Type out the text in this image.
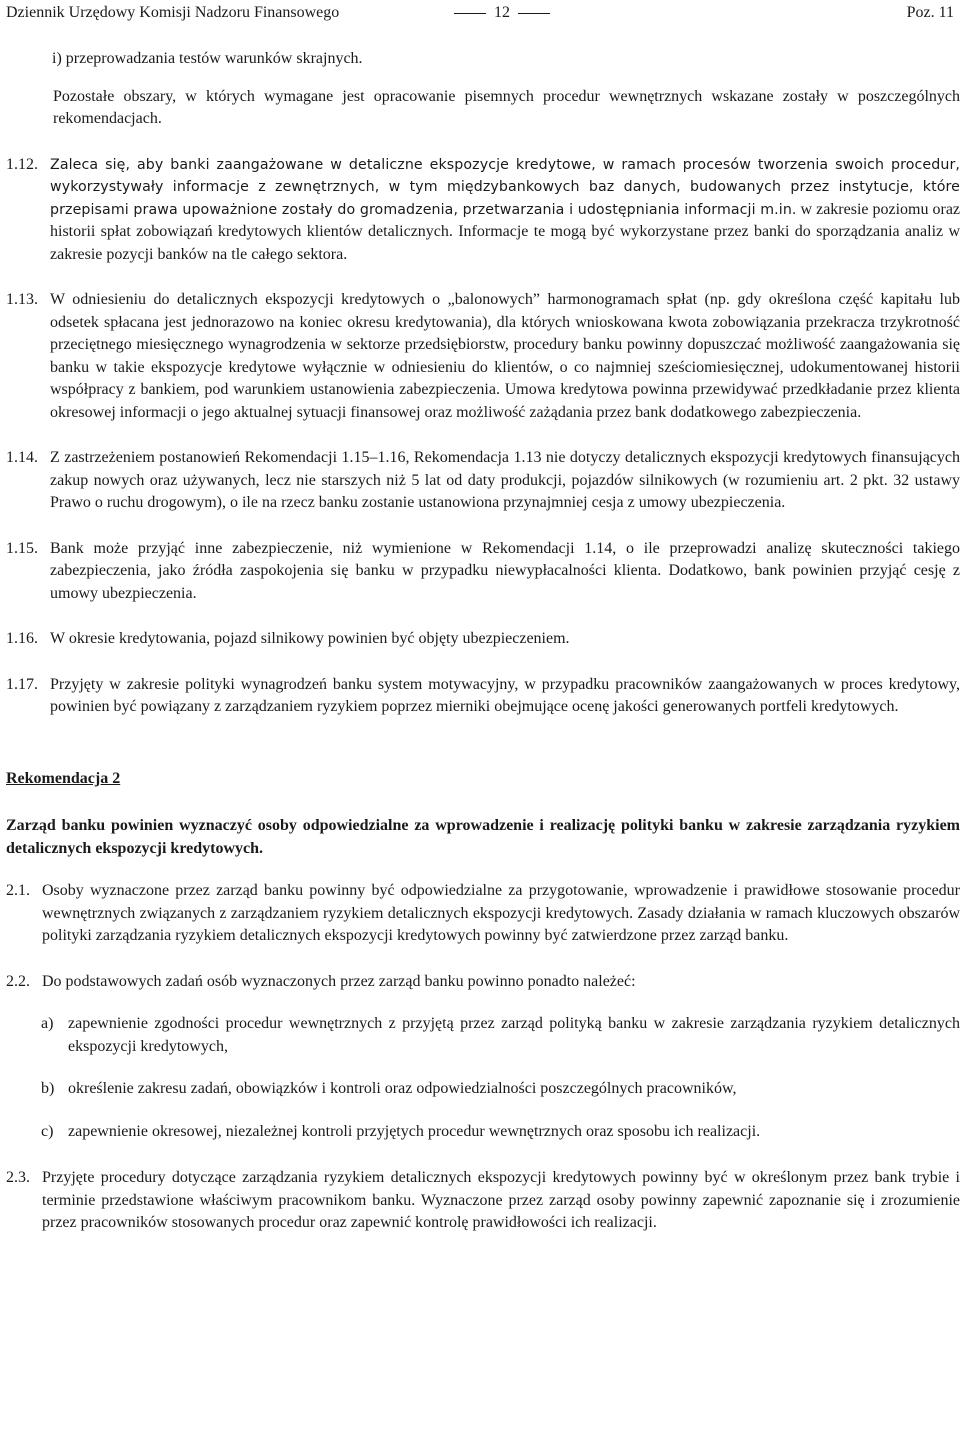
Dziennik Urzędowy Komisji Nadzoru Finansowego	12	Poz. 11

i) przeprowadzania testów warunków skrajnych.

Pozostałe obszary, w których wymagane jest opracowanie pisemnych procedur wewnętrznych wskazane zostały w poszczególnych rekomendacjach.

1.12. Zaleca się, aby banki zaangażowane w detaliczne ekspozycje kredytowe, w ramach procesów tworzenia swoich procedur, wykorzystywały informacje z zewnętrznych, w tym międzybankowych baz danych, budowanych przez instytucje, które przepisami prawa upoważnione zostały do gromadzenia, przetwarzania i udostępniania informacji m.in. w zakresie poziomu oraz historii spłat zobowiązań kredytowych klientów detalicznych. Informacje te mogą być wykorzystane przez banki do sporządzania analiz w zakresie pozycji banków na tle całego sektora.
1.13. W odniesieniu do detalicznych ekspozycji kredytowych o „balonowych” harmonogramach spłat (np. gdy określona część kapitału lub odsetek spłacana jest jednorazowo na koniec okresu kredytowania), dla których wnioskowana kwota zobowiązania przekracza trzykrotność przeciętnego miesięcznego wynagrodzenia w sektorze przedsiębiorstw, procedury banku powinny dopuszczać możliwość zaangażowania się banku w takie ekspozycje kredytowe wyłącznie w odniesieniu do klientów, o co najmniej sześciomiesięcznej, udokumentowanej historii współpracy z bankiem, pod warunkiem ustanowienia zabezpieczenia. Umowa kredytowa powinna przewidywać przedkładanie przez klienta okresowej informacji o jego aktualnej sytuacji finansowej oraz możliwość zażądania przez bank dodatkowego zabezpieczenia.
1.14. Z zastrzeżeniem postanowień Rekomendacji 1.15–1.16, Rekomendacja 1.13 nie dotyczy detalicznych ekspozycji kredytowych finansujących zakup nowych oraz używanych, lecz nie starszych niż 5 lat od daty produkcji, pojazdów silnikowych (w rozumieniu art. 2 pkt. 32 ustawy Prawo o ruchu drogowym), o ile na rzecz banku zostanie ustanowiona przynajmniej cesja z umowy ubezpieczenia.
1.15. Bank może przyjąć inne zabezpieczenie, niż wymienione w Rekomendacji 1.14, o ile przeprowadzi analizę skuteczności takiego zabezpieczenia, jako źródła zaspokojenia się banku w przypadku niewypłacalności klienta. Dodatkowo, bank powinien przyjąć cesję z umowy ubezpieczenia.
1.16. W okresie kredytowania, pojazd silnikowy powinien być objęty ubezpieczeniem.
1.17. Przyjęty w zakresie polityki wynagrodzeń banku system motywacyjny, w przypadku pracowników zaangażowanych w proces kredytowy, powinien być powiązany z zarządzaniem ryzykiem poprzez mierniki obejmujące ocenę jakości generowanych portfeli kredytowych.

Rekomendacja 2

Zarząd banku powinien wyznaczyć osoby odpowiedzialne za wprowadzenie i realizację polityki banku w zakresie zarządzania ryzykiem detalicznych ekspozycji kredytowych.

2.1. Osoby wyznaczone przez zarząd banku powinny być odpowiedzialne za przygotowanie, wprowadzenie i prawidłowe stosowanie procedur wewnętrznych związanych z zarządzaniem ryzykiem detalicznych ekspozycji kredytowych. Zasady działania w ramach kluczowych obszarów polityki zarządzania ryzykiem detalicznych ekspozycji kredytowych powinny być zatwierdzone przez zarząd banku.
2.2. Do podstawowych zadań osób wyznaczonych przez zarząd banku powinno ponadto należeć:
a) zapewnienie zgodności procedur wewnętrznych z przyjętą przez zarząd polityką banku w zakresie zarządzania ryzykiem detalicznych ekspozycji kredytowych,
b) określenie zakresu zadań, obowiązków i kontroli oraz odpowiedzialności poszczególnych pracowników,
c) zapewnienie okresowej, niezależnej kontroli przyjętych procedur wewnętrznych oraz sposobu ich realizacji.
2.3. Przyjęte procedury dotyczące zarządzania ryzykiem detalicznych ekspozycji kredytowych powinny być w określonym przez bank trybie i terminie przedstawione właściwym pracownikom banku. Wyznaczone przez zarząd osoby powinny zapewnić zapoznanie się i zrozumienie przez pracowników stosowanych procedur oraz zapewnić kontrolę prawidłowości ich realizacji.
